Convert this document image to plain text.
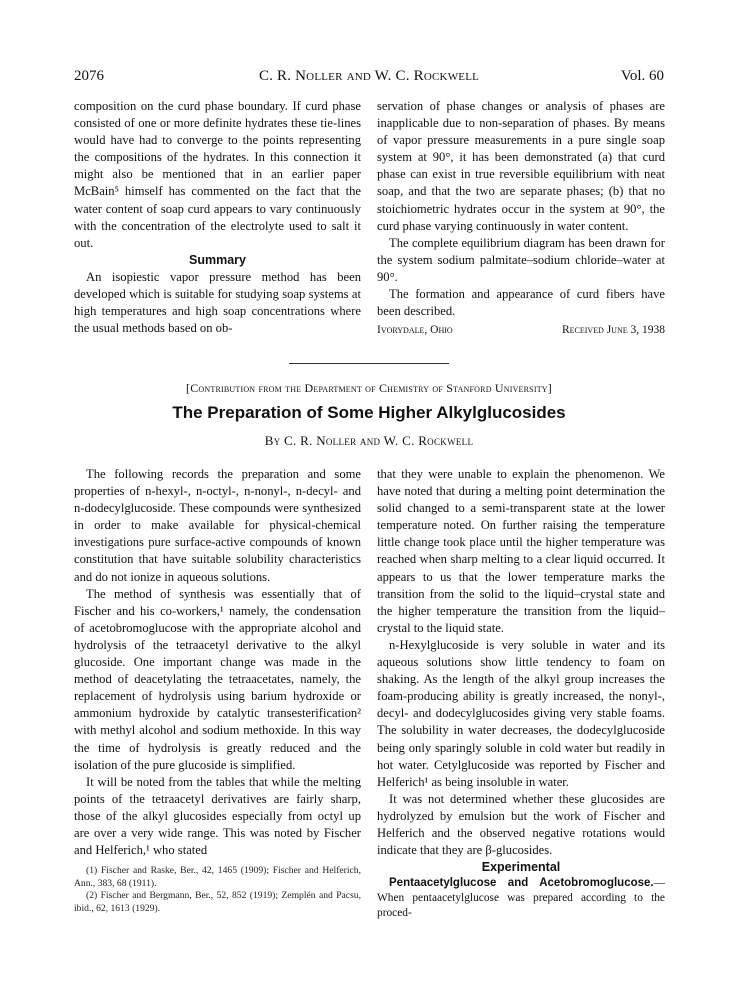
2076	C. R. Noller and W. C. Rockwell	Vol. 60

composition on the curd phase boundary. If curd phase consisted of one or more definite hydrates these tie-lines would have had to converge to the points representing the compositions of the hydrates. In this connection it might also be mentioned that in an earlier paper McBain⁵ himself has commented on the fact that the water content of soap curd appears to vary continuously with the concentration of the electrolyte used to salt it out.

Summary

An isopiestic vapor pressure method has been developed which is suitable for studying soap systems at high temperatures and high soap concentrations where the usual methods based on ob-

servation of phase changes or analysis of phases are inapplicable due to non-separation of phases. By means of vapor pressure measurements in a pure single soap system at 90°, it has been demonstrated (a) that curd phase can exist in true reversible equilibrium with neat soap, and that the two are separate phases; (b) that no stoichiometric hydrates occur in the system at 90°, the curd phase varying continuously in water content.

The complete equilibrium diagram has been drawn for the system sodium palmitate–sodium chloride–water at 90°.

The formation and appearance of curd fibers have been described.

Ivorydale, Ohio	Received June 3, 1938
[Contribution from the Department of Chemistry of Stanford University]
The Preparation of Some Higher Alkylglucosides
By C. R. Noller and W. C. Rockwell

The following records the preparation and some properties of n-hexyl-, n-octyl-, n-nonyl-, n-decyl- and n-dodecylglucoside. These compounds were synthesized in order to make available for physical-chemical investigations pure surface-active compounds of known constitution that have suitable solubility characteristics and do not ionize in aqueous solutions.

The method of synthesis was essentially that of Fischer and his co-workers,¹ namely, the condensation of acetobromoglucose with the appropriate alcohol and hydrolysis of the tetraacetyl derivative to the alkyl glucoside. One important change was made in the method of deacetylating the tetraacetates, namely, the replacement of hydrolysis using barium hydroxide or ammonium hydroxide by catalytic transesterification² with methyl alcohol and sodium methoxide. In this way the time of hydrolysis is greatly reduced and the isolation of the pure glucoside is simplified.

It will be noted from the tables that while the melting points of the tetraacetyl derivatives are fairly sharp, those of the alkyl glucosides especially from octyl up are over a very wide range. This was noted by Fischer and Helferich,¹ who stated

(1) Fischer and Raske, Ber., 42, 1465 (1909); Fischer and Helferich, Ann., 383, 68 (1911).

(2) Fischer and Bergmann, Ber., 52, 852 (1919); Zemplén and Pacsu, ibid., 62, 1613 (1929).

that they were unable to explain the phenomenon. We have noted that during a melting point determination the solid changed to a semi-transparent state at the lower temperature noted. On further raising the temperature little change took place until the higher temperature was reached when sharp melting to a clear liquid occurred. It appears to us that the lower temperature marks the transition from the solid to the liquid–crystal state and the higher temperature the transition from the liquid–crystal to the liquid state.

n-Hexylglucoside is very soluble in water and its aqueous solutions show little tendency to foam on shaking. As the length of the alkyl group increases the foam-producing ability is greatly increased, the nonyl-, decyl- and dodecylglucosides giving very stable foams. The solubility in water decreases, the dodecylglucoside being only sparingly soluble in cold water but readily in hot water. Cetylglucoside was reported by Fischer and Helferich¹ as being insoluble in water.

It was not determined whether these glucosides are hydrolyzed by emulsion but the work of Fischer and Helferich and the observed negative rotations would indicate that they are β-glucosides.

Experimental

Pentaacetylglucose and Acetobromoglucose.—When pentaacetylglucose was prepared according to the proced-
